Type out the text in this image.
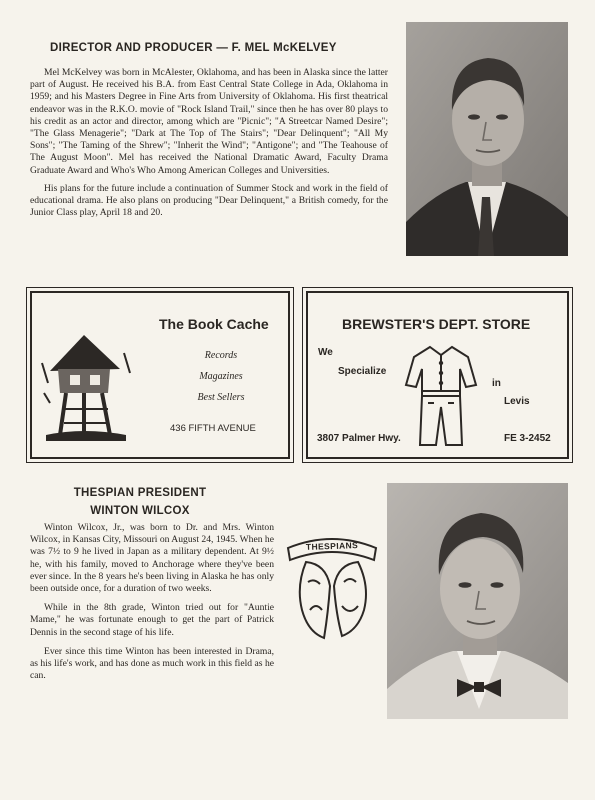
DIRECTOR AND PRODUCER — F. MEL McKELVEY

Mel McKelvey was born in McAlester, Oklahoma, and has been in Alaska since the latter part of August. He received his B.A. from East Central State College in Ada, Oklahoma in 1959; and his Masters Degree in Fine Arts from University of Oklahoma. His first theatrical endeavor was in the R.K.O. movie of "Rock Island Trail," since then he has over 80 plays to his credit as an actor and director, among which are "Picnic"; "A Streetcar Named Desire"; "The Glass Menagerie"; "Dark at The Top of The Stairs"; "Dear Delinquent"; "All My Sons"; "The Taming of the Shrew"; "Inherit the Wind"; "Antigone"; and "The Teahouse of The August Moon". Mel has received the National Dramatic Award, Faculty Drama Graduate Award and Who's Who Among American Colleges and Universities.

His plans for the future include a continuation of Summer Stock and work in the field of educational drama. He also plans on producing "Dear Delinquent," a British comedy, for the Junior Class play, April 18 and 20.

The Book Cache
Records
Magazines
Best Sellers
436 FIFTH AVENUE
BREWSTER'S DEPT. STORE
We
Specialize
in
Levis
3807 Palmer Hwy.	FE 3-2452
THESPIAN PRESIDENT
WINTON WILCOX

Winton Wilcox, Jr., was born to Dr. and Mrs. Winton Wilcox, in Kansas City, Missouri on August 24, 1945. When he was 7½ to 9 he lived in Japan as a military dependent. At 9½ he, with his family, moved to Anchorage where they've been ever since. In the 8 years he's been living in Alaska he has only been outside once, for a duration of two weeks.

While in the 8th grade, Winton tried out for "Auntie Mame," he was fortunate enough to get the part of Patrick Dennis in the second stage of his life.

Ever since this time Winton has been interested in Drama, as his life's work, and has done as much work in this field as he can.

THESPIANS
